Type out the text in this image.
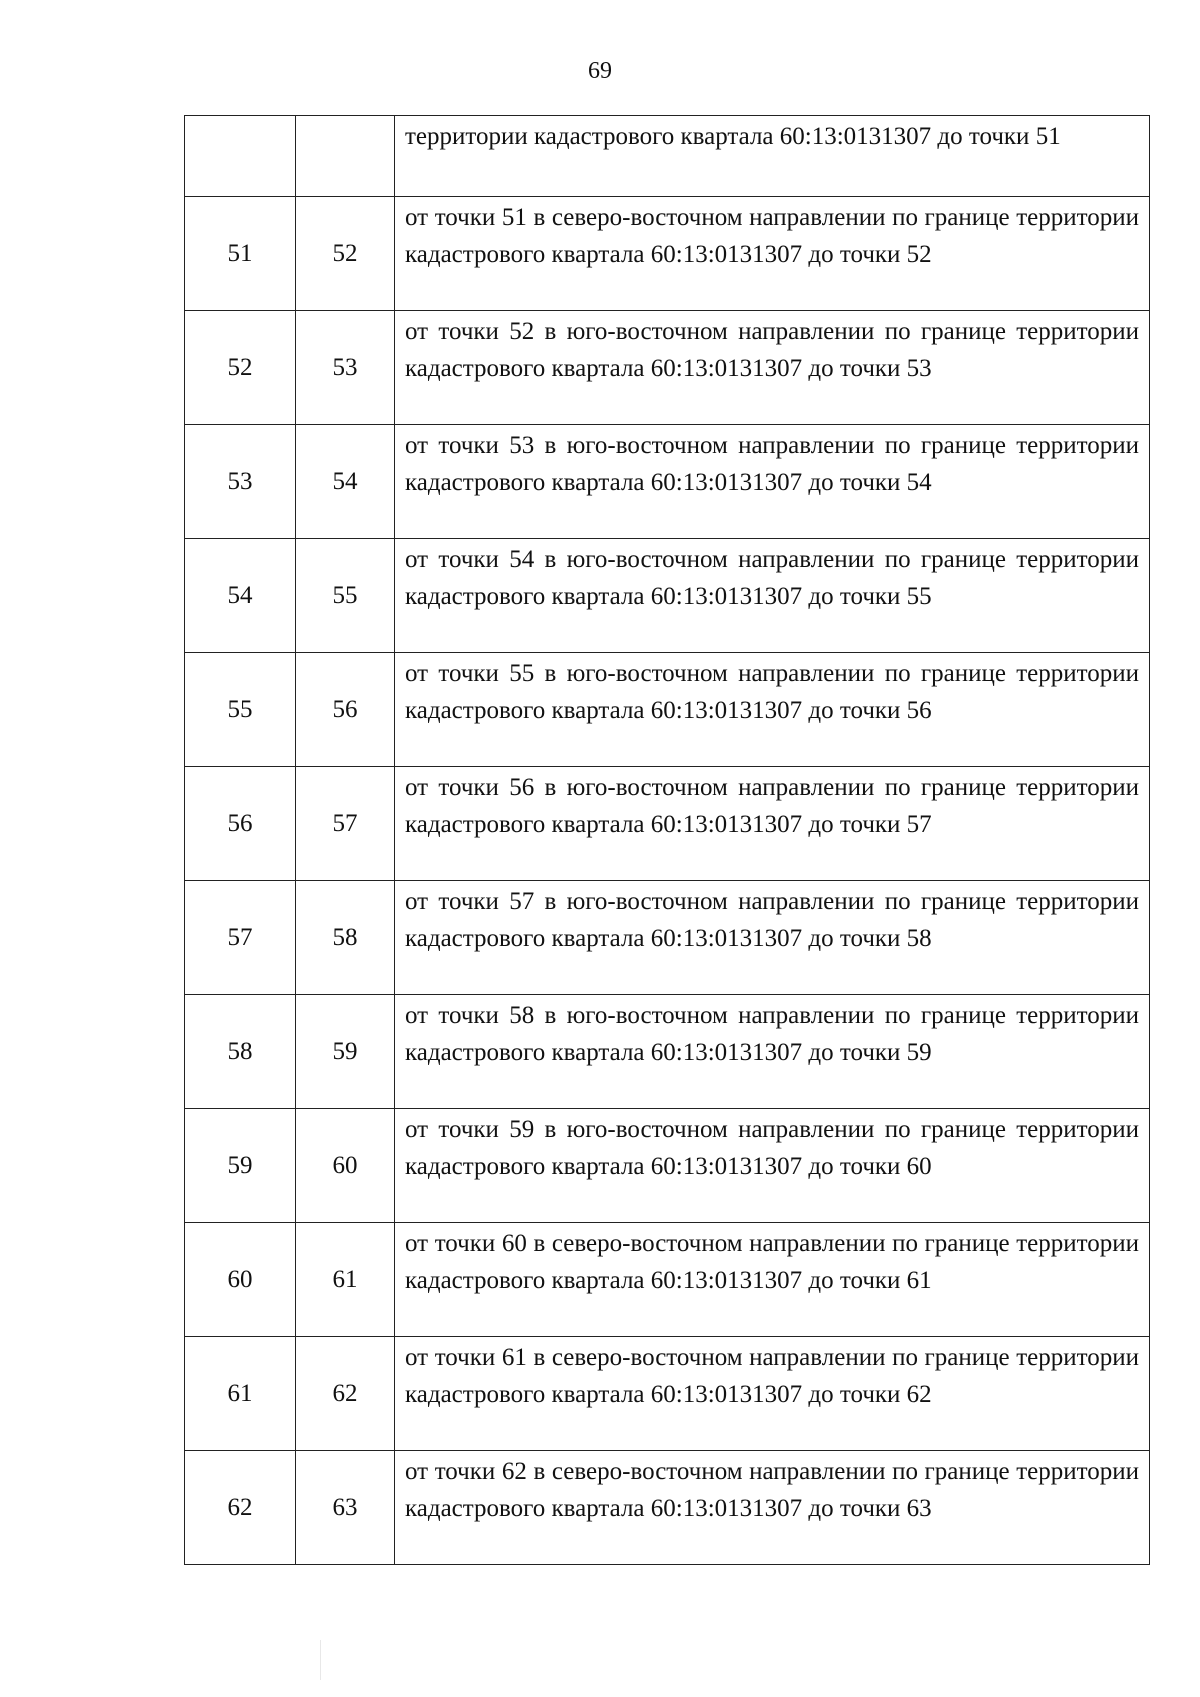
69
		территории кадастрового квартала 60:13:0131307 до точки 51
51	52	от точки 51 в северо-восточном направлении по границе территории кадастрового квартала 60:13:0131307 до точки 52
52	53	от точки 52 в юго-восточном направлении по границе территории кадастрового квартала 60:13:0131307 до точки 53
53	54	от точки 53 в юго-восточном направлении по границе территории кадастрового квартала 60:13:0131307 до точки 54
54	55	от точки 54 в юго-восточном направлении по границе территории кадастрового квартала 60:13:0131307 до точки 55
55	56	от точки 55 в юго-восточном направлении по границе территории кадастрового квартала 60:13:0131307 до точки 56
56	57	от точки 56 в юго-восточном направлении по границе территории кадастрового квартала 60:13:0131307 до точки 57
57	58	от точки 57 в юго-восточном направлении по границе территории кадастрового квартала 60:13:0131307 до точки 58
58	59	от точки 58 в юго-восточном направлении по границе территории кадастрового квартала 60:13:0131307 до точки 59
59	60	от точки 59 в юго-восточном направлении по границе территории кадастрового квартала 60:13:0131307 до точки 60
60	61	от точки 60 в северо-восточном направлении по границе территории кадастрового квартала 60:13:0131307 до точки 61
61	62	от точки 61 в северо-восточном направлении по границе территории кадастрового квартала 60:13:0131307 до точки 62
62	63	от точки 62 в северо-восточном направлении по границе территории кадастрового квартала 60:13:0131307 до точки 63
